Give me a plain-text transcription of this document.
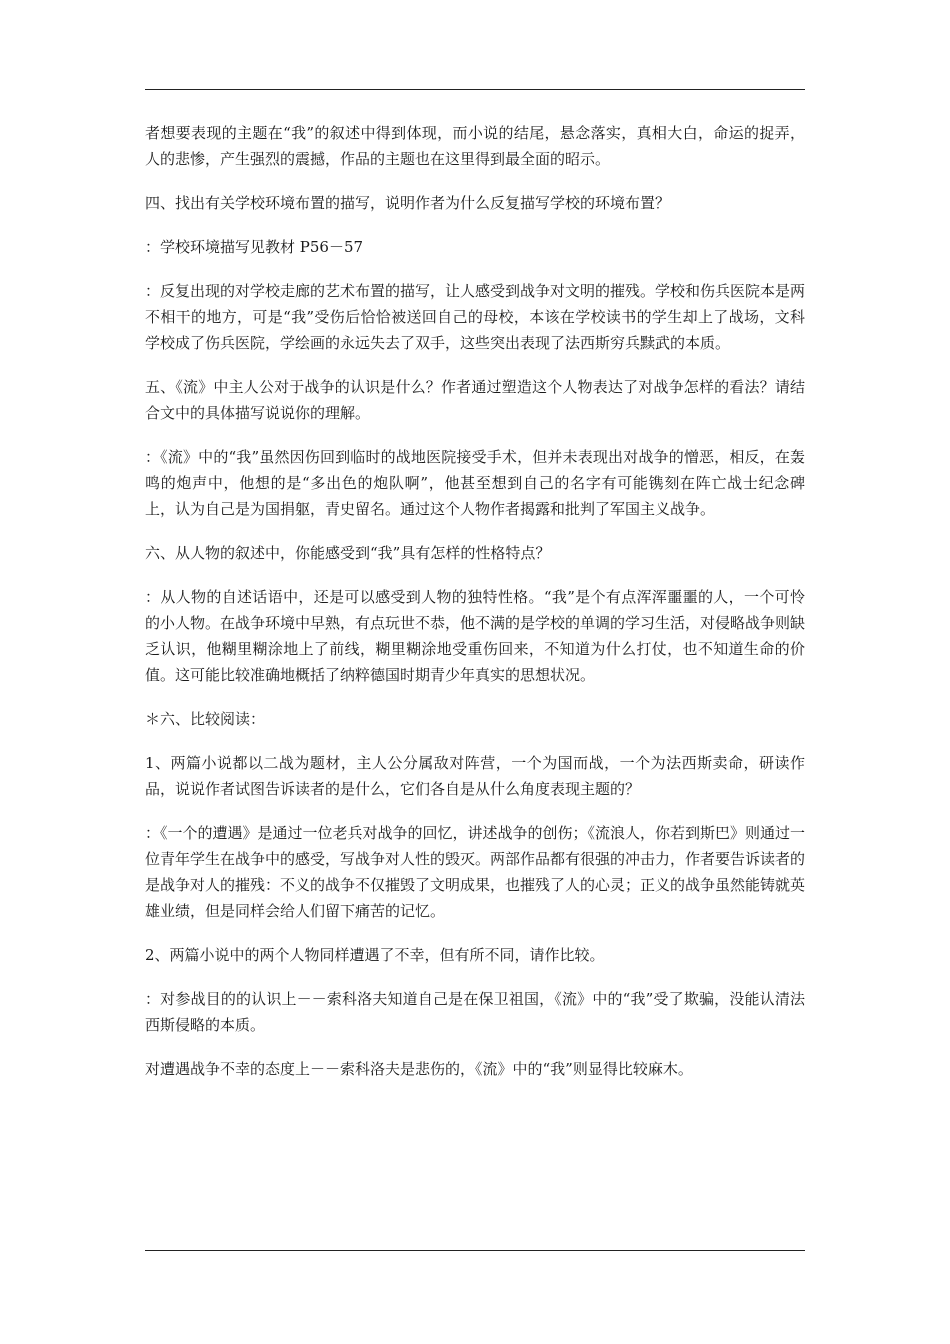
者想要表现的主题在“我”的叙述中得到体现，而小说的结尾，悬念落实，真相大白，命运的捉弄，人的悲惨，产生强烈的震撼，作品的主题也在这里得到最全面的昭示。

四、找出有关学校环境布置的描写，说明作者为什么反复描写学校的环境布置？

：学校环境描写见教材 P56－57

：反复出现的对学校走廊的艺术布置的描写，让人感受到战争对文明的摧残。学校和伤兵医院本是两不相干的地方，可是“我”受伤后恰恰被送回自己的母校，本该在学校读书的学生却上了战场，文科学校成了伤兵医院，学绘画的永远失去了双手，这些突出表现了法西斯穷兵黩武的本质。

五、《流》中主人公对于战争的认识是什么？作者通过塑造这个人物表达了对战争怎样的看法？请结合文中的具体描写说说你的理解。

：《流》中的“我”虽然因伤回到临时的战地医院接受手术，但并未表现出对战争的憎恶，相反，在轰鸣的炮声中，他想的是“多出色的炮队啊”，他甚至想到自己的名字有可能镌刻在阵亡战士纪念碑上，认为自己是为国捐躯，青史留名。通过这个人物作者揭露和批判了军国主义战争。

六、从人物的叙述中，你能感受到“我”具有怎样的性格特点？

：从人物的自述话语中，还是可以感受到人物的独特性格。“我”是个有点浑浑噩噩的人，一个可怜的小人物。在战争环境中早熟，有点玩世不恭，他不满的是学校的单调的学习生活，对侵略战争则缺乏认识，他糊里糊涂地上了前线，糊里糊涂地受重伤回来，不知道为什么打仗，也不知道生命的价值。这可能比较准确地概括了纳粹德国时期青少年真实的思想状况。

＊六、比较阅读：

1、两篇小说都以二战为题材，主人公分属敌对阵营，一个为国而战，一个为法西斯卖命，研读作品，说说作者试图告诉读者的是什么，它们各自是从什么角度表现主题的？

：《一个的遭遇》是通过一位老兵对战争的回忆，讲述战争的创伤；《流浪人，你若到斯巴》则通过一位青年学生在战争中的感受，写战争对人性的毁灭。两部作品都有很强的冲击力，作者要告诉读者的是战争对人的摧残：不义的战争不仅摧毁了文明成果，也摧残了人的心灵；正义的战争虽然能铸就英雄业绩，但是同样会给人们留下痛苦的记忆。

2、两篇小说中的两个人物同样遭遇了不幸，但有所不同，请作比较。

：对参战目的的认识上－－索科洛夫知道自己是在保卫祖国，《流》中的“我”受了欺骗，没能认清法西斯侵略的本质。

对遭遇战争不幸的态度上－－索科洛夫是悲伤的，《流》中的“我”则显得比较麻木。
